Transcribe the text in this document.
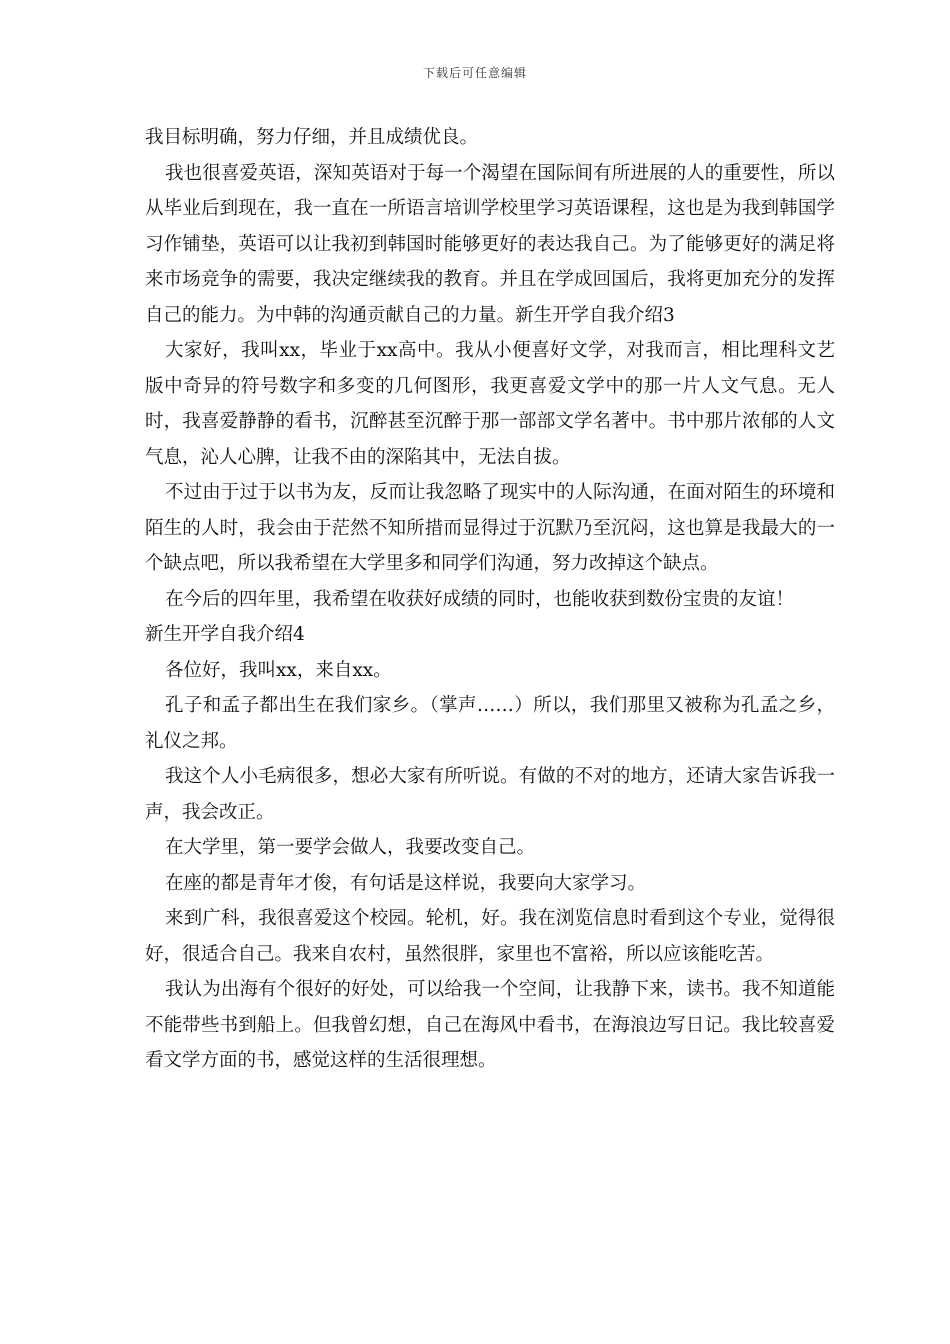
下载后可任意编辑

我目标明确，努力仔细，并且成绩优良。

我也很喜爱英语，深知英语对于每一个渴望在国际间有所进展的人的重要性，所以从毕业后到现在，我一直在一所语言培训学校里学习英语课程，这也是为我到韩国学习作铺垫，英语可以让我初到韩国时能够更好的表达我自己。为了能够更好的满足将来市场竞争的需要，我决定继续我的教育。并且在学成回国后，我将更加充分的发挥自己的能力。为中韩的沟通贡献自己的力量。新生开学自我介绍3

大家好，我叫xx，毕业于xx高中。我从小便喜好文学，对我而言，相比理科文艺版中奇异的符号数字和多变的几何图形，我更喜爱文学中的那一片人文气息。无人时，我喜爱静静的看书，沉醉甚至沉醉于那一部部文学名著中。书中那片浓郁的人文气息，沁人心脾，让我不由的深陷其中，无法自拔。

不过由于过于以书为友，反而让我忽略了现实中的人际沟通，在面对陌生的环境和陌生的人时，我会由于茫然不知所措而显得过于沉默乃至沉闷，这也算是我最大的一个缺点吧，所以我希望在大学里多和同学们沟通，努力改掉这个缺点。

在今后的四年里，我希望在收获好成绩的同时，也能收获到数份宝贵的友谊！

新生开学自我介绍4

各位好，我叫xx，来自xx。

孔子和孟子都出生在我们家乡。（掌声……）所以，我们那里又被称为孔孟之乡，礼仪之邦。

我这个人小毛病很多，想必大家有所听说。有做的不对的地方，还请大家告诉我一声，我会改正。

在大学里，第一要学会做人，我要改变自己。

在座的都是青年才俊，有句话是这样说，我要向大家学习。

来到广科，我很喜爱这个校园。轮机，好。我在浏览信息时看到这个专业，觉得很好，很适合自己。我来自农村，虽然很胖，家里也不富裕，所以应该能吃苦。

我认为出海有个很好的好处，可以给我一个空间，让我静下来，读书。我不知道能不能带些书到船上。但我曾幻想，自己在海风中看书，在海浪边写日记。我比较喜爱看文学方面的书，感觉这样的生活很理想。
